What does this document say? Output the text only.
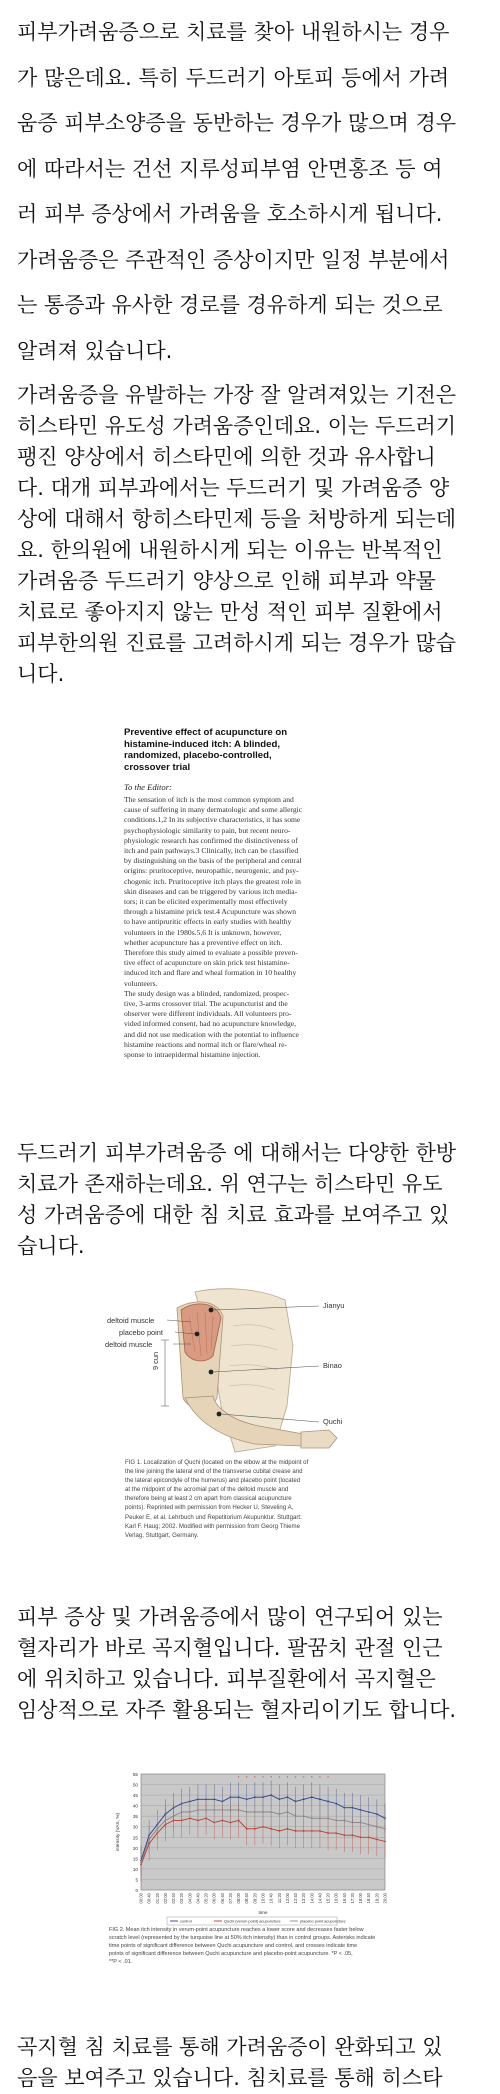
피부가려움증으로 치료를 찾아 내원하시는 경우
가 많은데요. 특히 두드러기 아토피 등에서 가려
움증 피부소양증을 동반하는 경우가 많으며 경우
에 따라서는 건선 지루성피부염 안면홍조 등 여
러 피부 증상에서 가려움을 호소하시게 됩니다.
가려움증은 주관적인 증상이지만 일정 부분에서
는 통증과 유사한 경로를 경유하게 되는 것으로
알려져 있습니다.
가려움증을 유발하는 가장 잘 알려져있는 기전은
히스타민 유도성 가려움증인데요. 이는 두드러기
팽진 양상에서 히스타민에 의한 것과 유사합니
다. 대개 피부과에서는 두드러기 및 가려움증 양
상에 대해서 항히스타민제 등을 처방하게 되는데
요. 한의원에 내원하시게 되는 이유는 반복적인
가려움증 두드러기 양상으로 인해 피부과 약물
치료로 좋아지지 않는 만성 적인 피부 질환에서
피부한의원 진료를 고려하시게 되는 경우가 많습
니다.
Preventive effect of acupuncture on
histamine-induced itch: A blinded,
randomized, placebo-controlled,
crossover trial
To the Editor:
The sensation of itch is the most common symptom and
cause of suffering in many dermatologic and some allergic
conditions.1,2 In its subjective characteristics, it has some
psychophysiologic similarity to pain, but recent neuro-
physiologic research has confirmed the distinctiveness of
itch and pain pathways.3 Clinically, itch can be classified
by distinguishing on the basis of the peripheral and central
origins: pruritoceptive, neuropathic, neurogenic, and psy-
chogenic itch. Pruritoceptive itch plays the greatest role in
skin diseases and can be triggered by various itch media-
tors; it can be elicited experimentally most effectively
through a histamine prick test.4 Acupuncture was shown
to have antipruritic effects in early studies with healthy
volunteers in the 1980s.5,6 It is unknown, however,
whether acupuncture has a preventive effect on itch.
Therefore this study aimed to evaluate a possible preven-
tive effect of acupuncture on skin prick test histamine-
induced itch and flare and wheal formation in 10 healthy
volunteers.
The study design was a blinded, randomized, prospec-
tive, 3-arms crossover trial. The acupuncturist and the
observer were different individuals. All volunteers pro-
vided informed consent, had no acupuncture knowledge,
and did not use medication with the potential to influence
histamine reactions and normal itch or flare/wheal re-
sponse to intraepidermal histamine injection.
두드러기 피부가려움증 에 대해서는 다양한 한방
치료가 존재하는데요. 위 연구는 히스타민 유도
성 가려움증에 대한 침 치료 효과를 보여주고 있
습니다.
Jianyu
deltoid muscle
placebo point
deltoid muscle
Binao
Quchi
9 cun
FIG 1. Localization of Quchi (located on the elbow at the midpoint of
the line joining the lateral end of the transverse cubital crease and
the lateral epicondyle of the humerus) and placebo point (located
at the midpoint of the acromial part of the deltoid muscle and
therefore being at least 2 cm apart from classical acupuncture
points). Reprinted with permission from Hecker U, Steveling A,
Peuker E, et al. Lehrbuch und Repetitorium Akupunktur. Stuttgart:
Karl F. Haug; 2002. Modified with permission from Georg Thieme
Verlag, Stuttgart, Germany.
피부 증상 및 가려움증에서 많이 연구되어 있는
혈자리가 바로 곡지혈입니다. 팔꿈치 관절 인근
에 위치하고 있습니다. 피부질환에서 곡지혈은
임상적으로 자주 활용되는 혈자리이기도 합니다.
0
5
10
15
20
25
30
35
40
45
50
55
00:00 00:40 01:20 02:00 02:40 03:20 04:00 04:40 05:20 06:00 06:40 07:20 08:00 08:40 09:20 10:00 10:40 11:20 12:00 12:40 13:20 14:00 14:40 15:20 16:00 16:40 17:20 18:00 18:40 19:20 20:00
intensity (VAS, %)
time
* * * * * * * * * * * *
control	Quchi (verum point) acupuncture	placebo point acupuncture
FIG 2. Mean itch intensity in verum-point acupuncture reaches a lower score and decreases faster below
scratch level (represented by the turquoise line at 50% itch intensity) than in control groups. Asterisks indicate
time points of significant difference between Quchi acupuncture and control, and crosses indicate time
points of significant difference between Quchi acupuncture and placebo-point acupuncture. *P < .05,
**P < .01.
곡지혈 침 치료를 통해 가려움증이 완화되고 있
음을 보여주고 있습니다. 침치료를 통해 히스타
